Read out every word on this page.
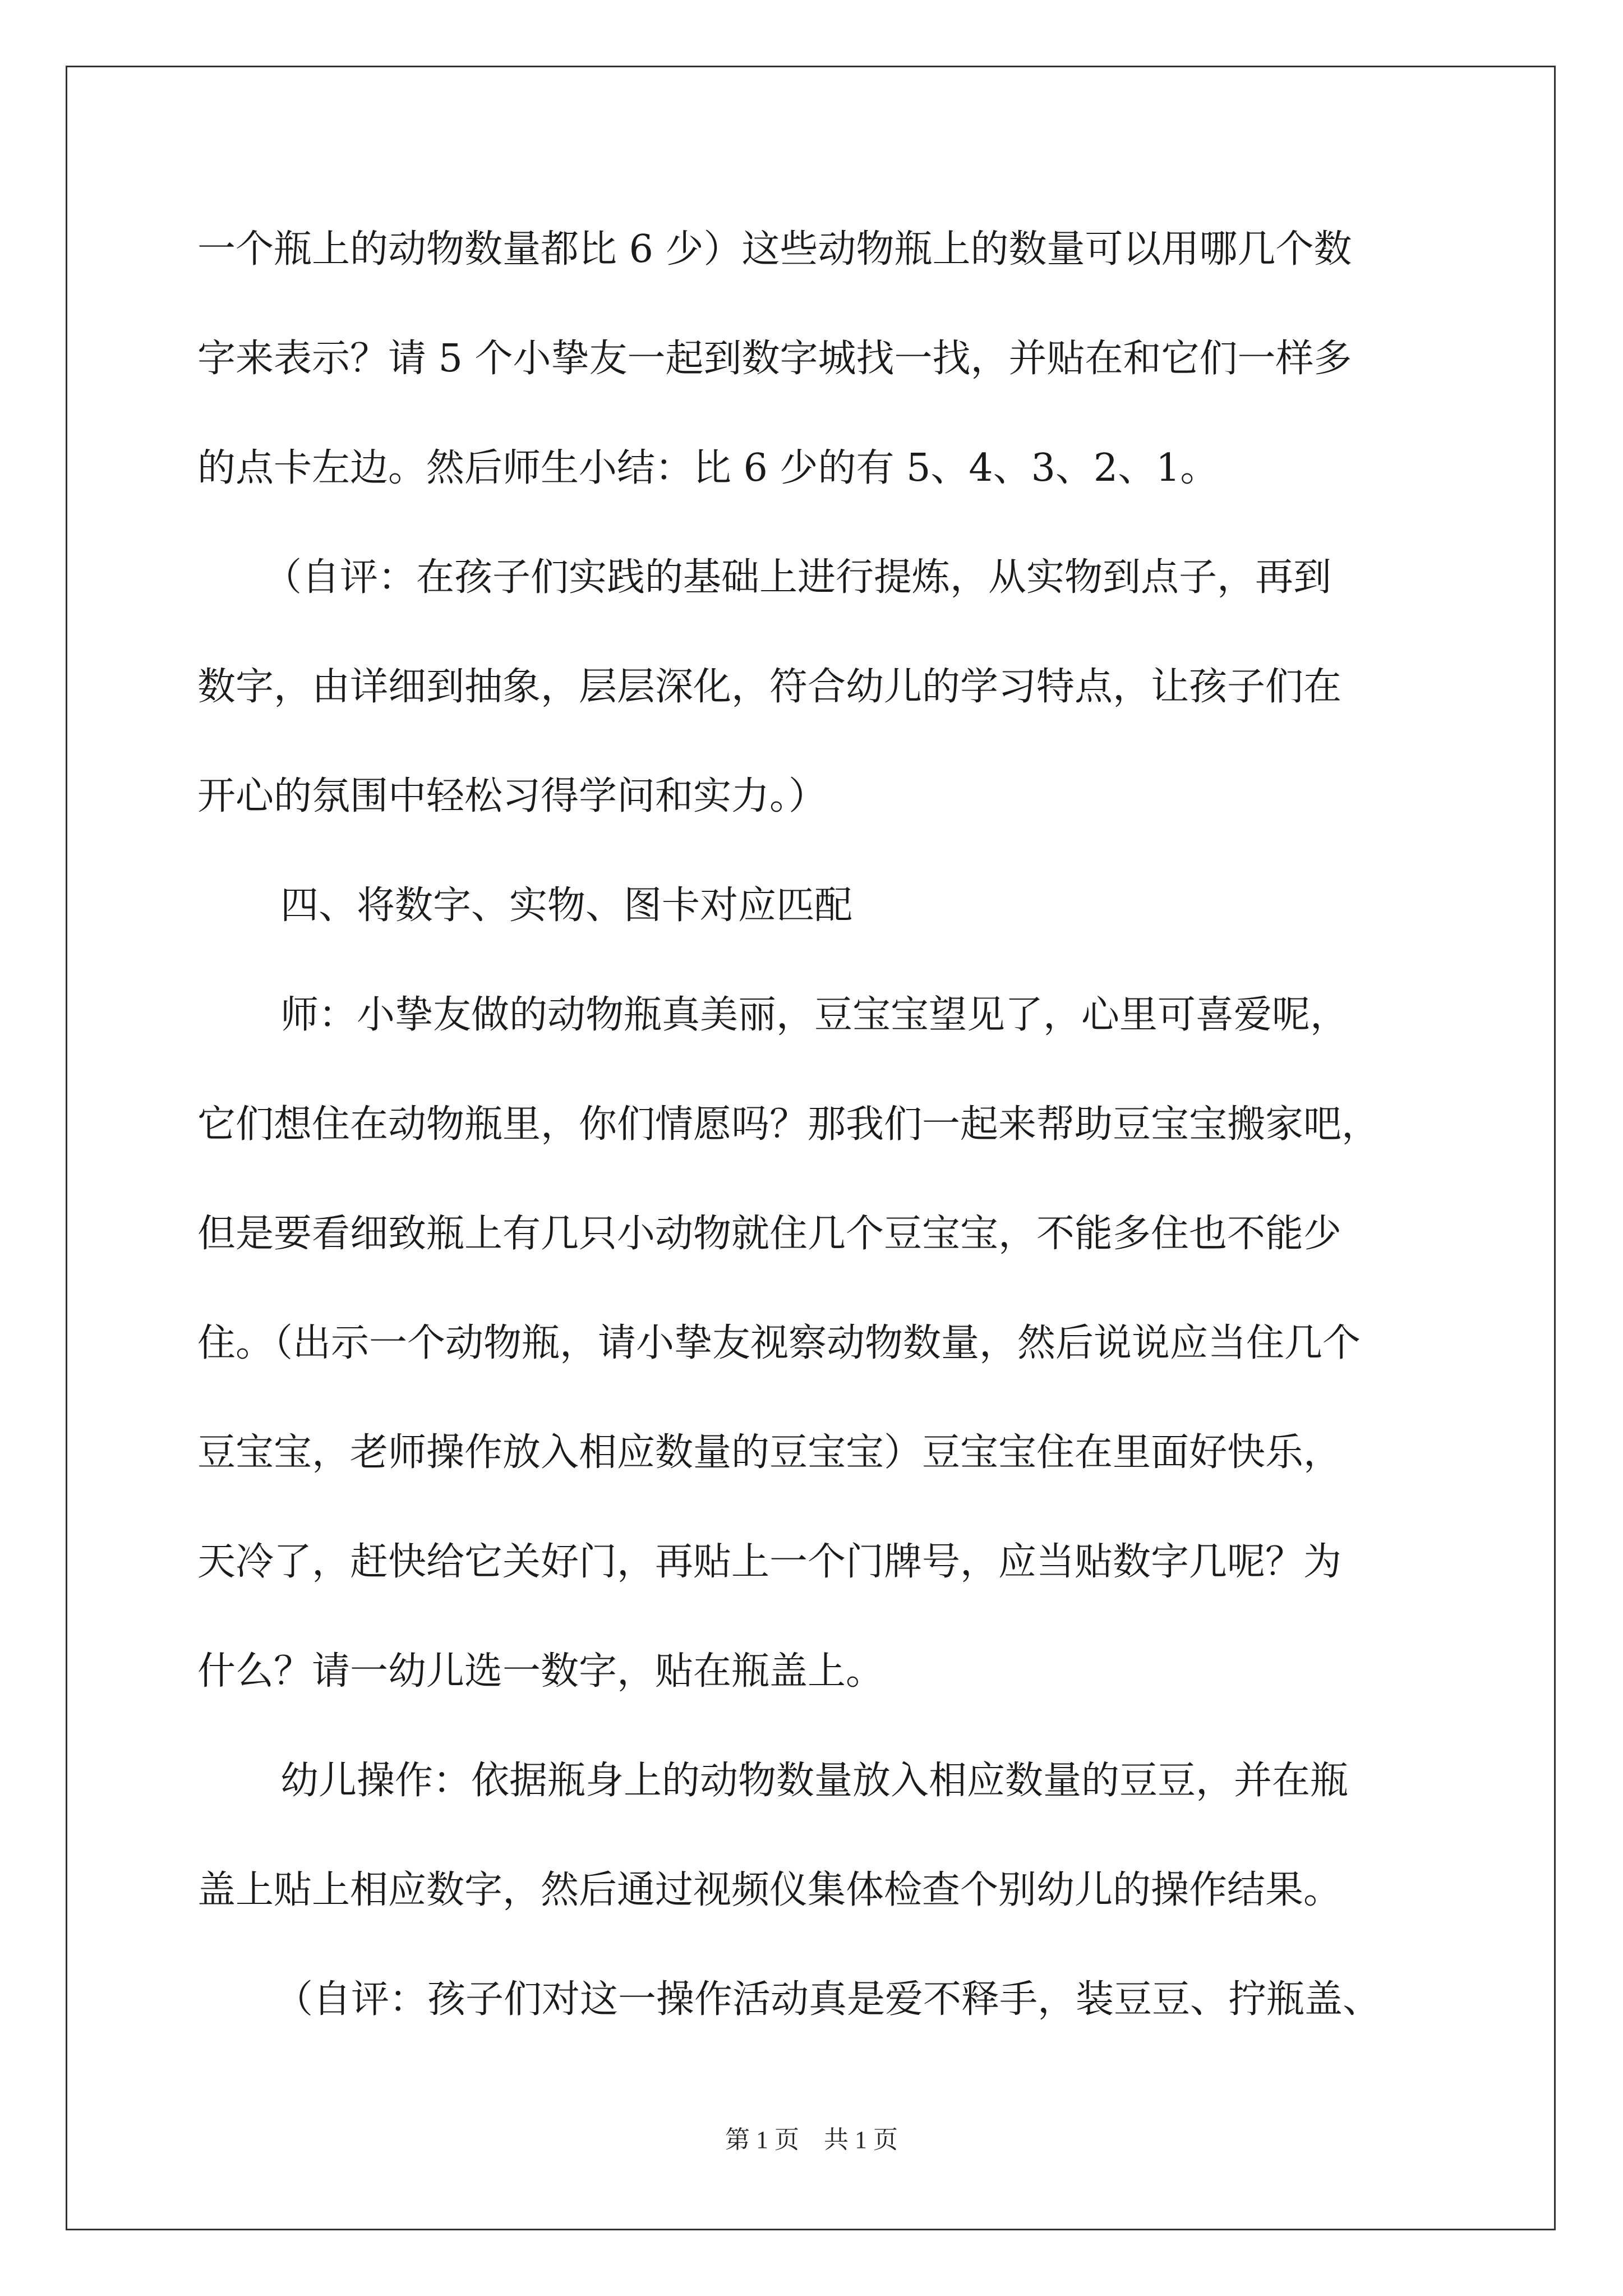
一个瓶上的动物数量都比 6 少）这些动物瓶上的数量可以用哪几个数
字来表示？请 5 个小挚友一起到数字城找一找，并贴在和它们一样多
的点卡左边。然后师生小结：比 6 少的有 5、4、3、2、1。
（自评：在孩子们实践的基础上进行提炼，从实物到点子，再到
数字，由详细到抽象，层层深化，符合幼儿的学习特点，让孩子们在
开心的氛围中轻松习得学问和实力。）
四、将数字、实物、图卡对应匹配
师：小挚友做的动物瓶真美丽，豆宝宝望见了，心里可喜爱呢，
它们想住在动物瓶里，你们情愿吗？那我们一起来帮助豆宝宝搬家吧，
但是要看细致瓶上有几只小动物就住几个豆宝宝，不能多住也不能少
住。（出示一个动物瓶，请小挚友视察动物数量，然后说说应当住几个
豆宝宝，老师操作放入相应数量的豆宝宝）豆宝宝住在里面好快乐，
天冷了，赶快给它关好门，再贴上一个门牌号，应当贴数字几呢？为
什么？请一幼儿选一数字，贴在瓶盖上。
幼儿操作：依据瓶身上的动物数量放入相应数量的豆豆，并在瓶
盖上贴上相应数字，然后通过视频仪集体检查个别幼儿的操作结果。
（自评：孩子们对这一操作活动真是爱不释手，装豆豆、拧瓶盖、
第 1 页　共 1 页
